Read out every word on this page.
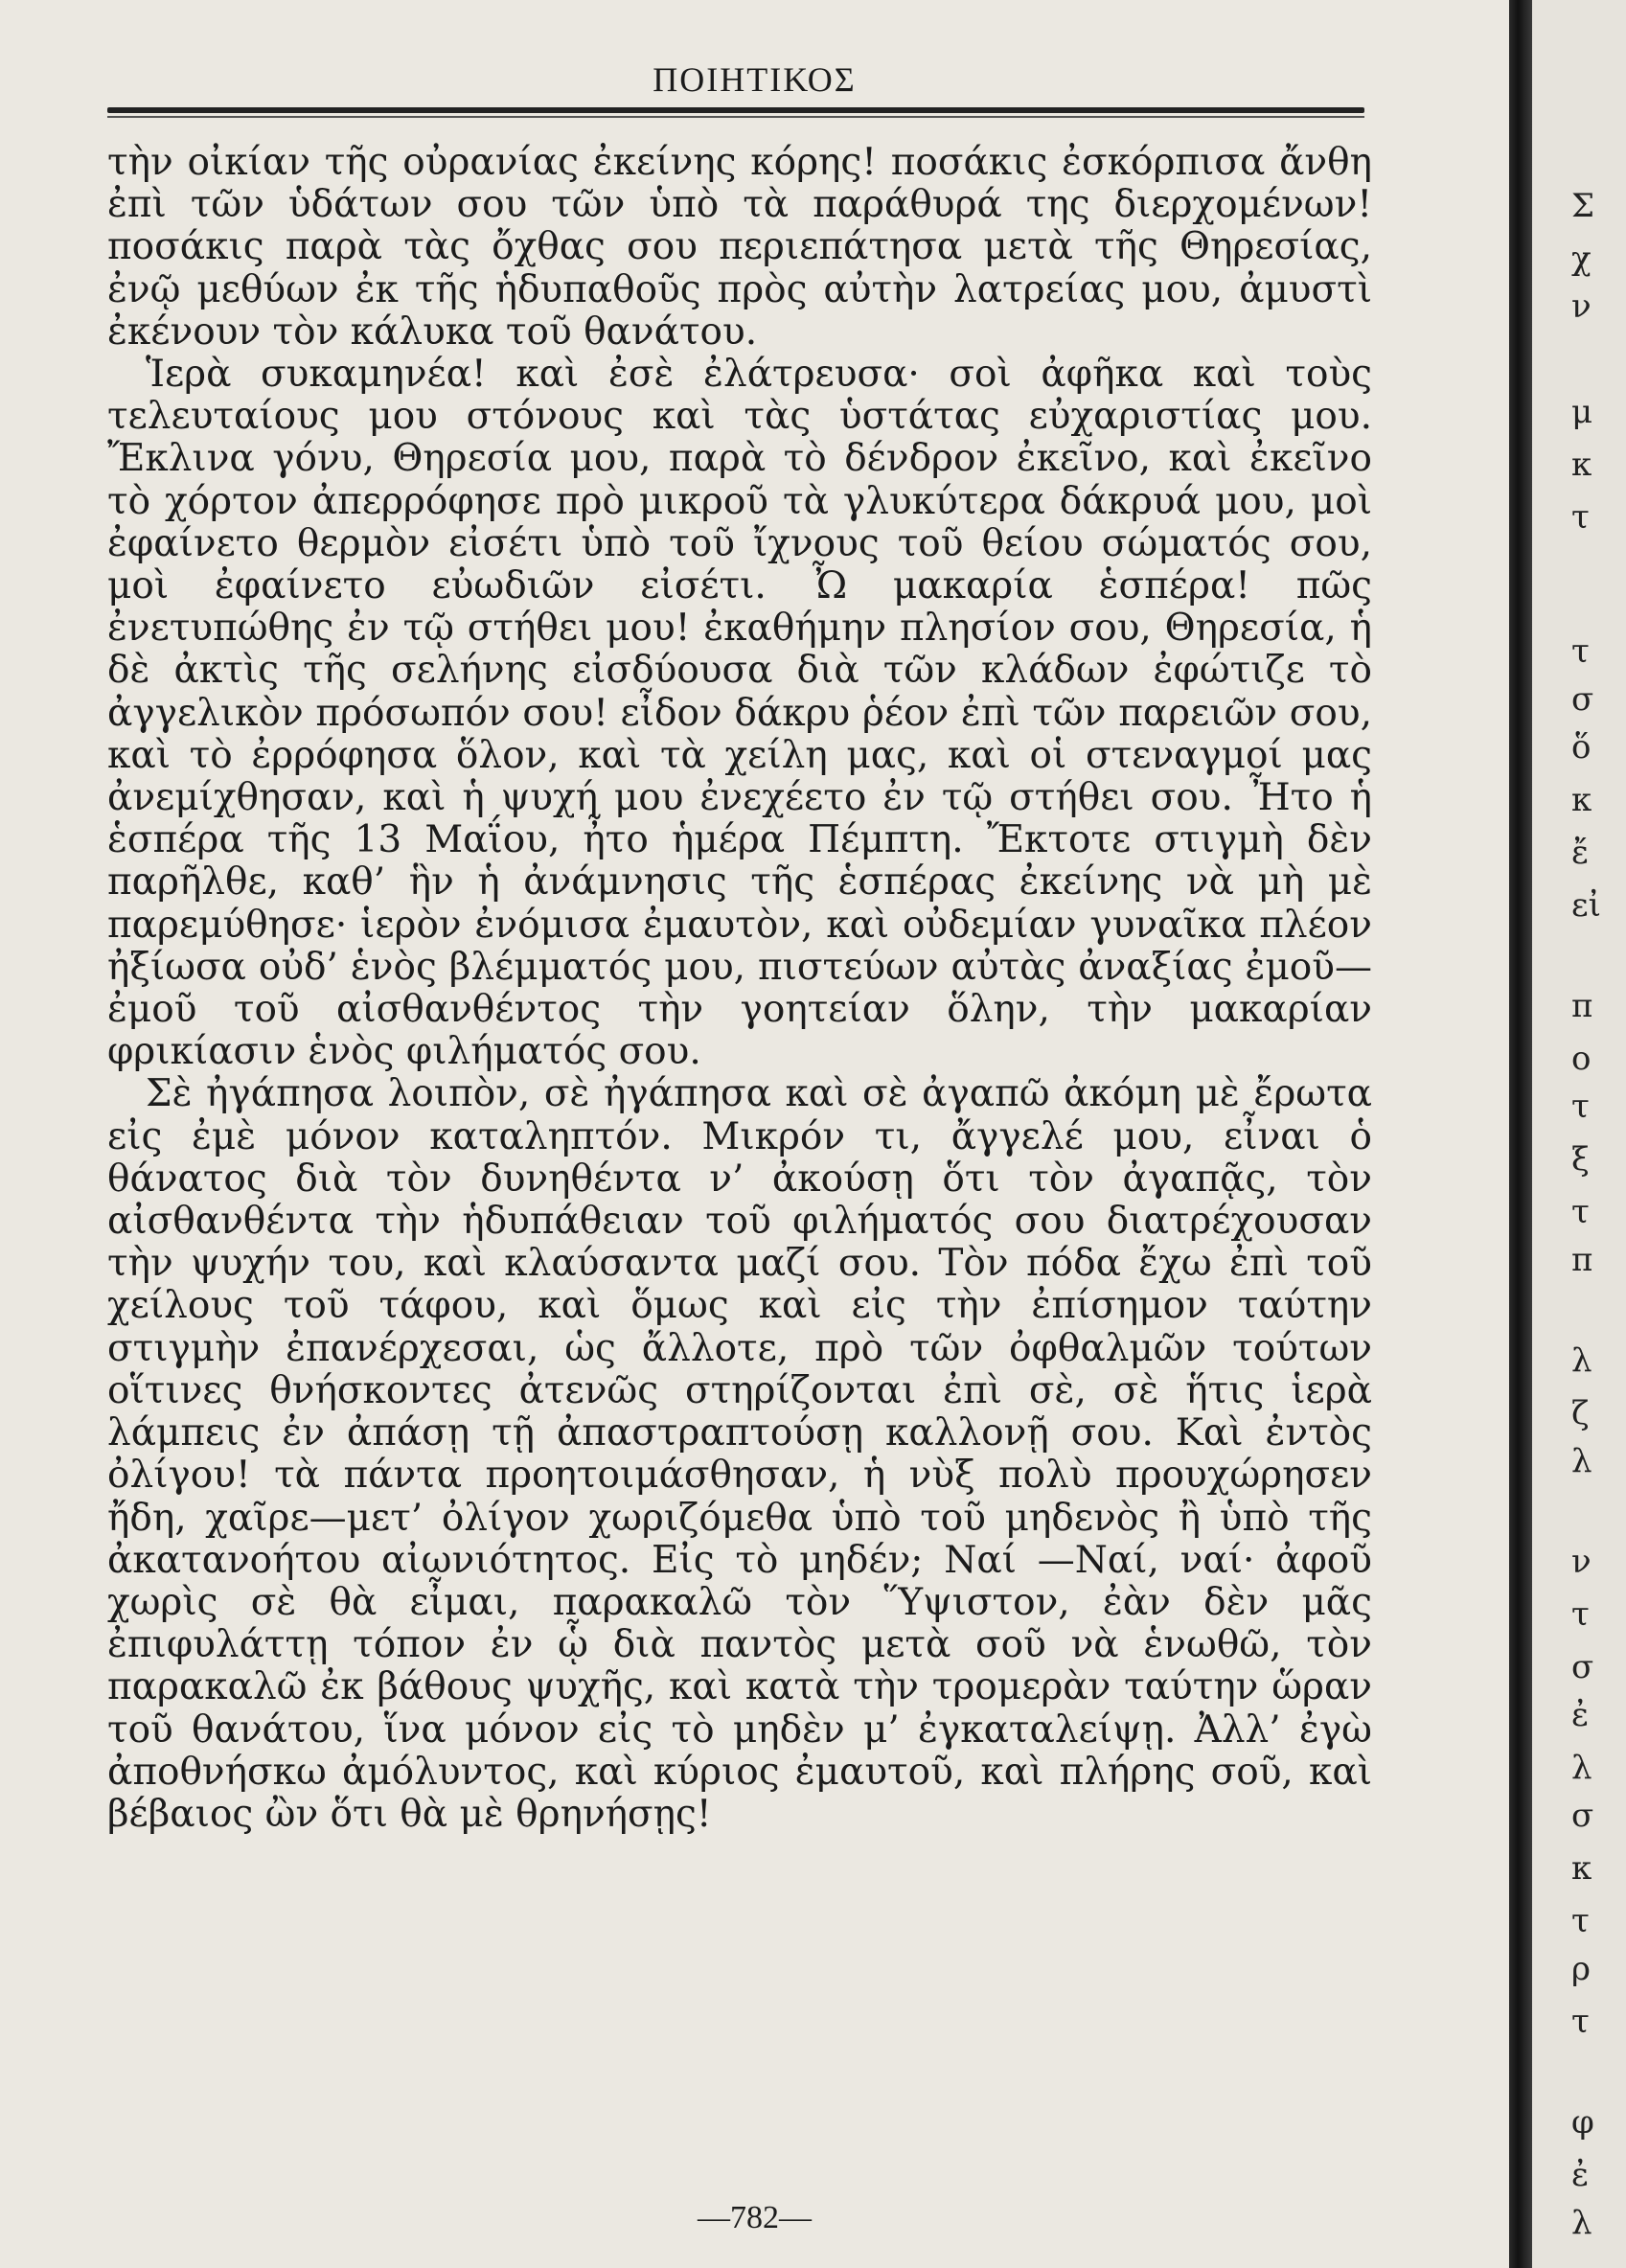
ΠΟΙΗΤΙΚΟΣ

τὴν οἰκίαν τῆς οὐρανίας ἐκείνης κόρης! ποσάκις ἐσκόρπισα ἄνθη ἐπὶ τῶν ὑδάτων σου τῶν ὑπὸ τὰ παράθυρά της διερχομένων! ποσάκις παρὰ τὰς ὄχθας σου περιεπάτησα μετὰ τῆς Θηρεσίας, ἐνῷ μεθύων ἐκ τῆς ἡδυπαθοῦς πρὸς αὐτὴν λατρείας μου, ἀμυστὶ ἐκένουν τὸν κάλυκα τοῦ θανάτου.

Ἱερὰ συκαμηνέα! καὶ ἐσὲ ἐλάτρευσα· σοὶ ἀφῆκα καὶ τοὺς τελευταίους μου στόνους καὶ τὰς ὑστάτας εὐχαριστίας μου. Ἔκλινα γόνυ, Θηρεσία μου, παρὰ τὸ δένδρον ἐκεῖνο, καὶ ἐκεῖνο τὸ χόρτον ἀπερρόφησε πρὸ μικροῦ τὰ γλυκύτερα δάκρυά μου, μοὶ ἐφαίνετο θερμὸν εἰσέτι ὑπὸ τοῦ ἴχνους τοῦ θείου σώματός σου, μοὶ ἐφαίνετο εὐωδιῶν εἰσέτι. Ὦ μακαρία ἑσπέρα! πῶς ἐνετυπώθης ἐν τῷ στήθει μου! ἐκαθήμην πλησίον σου, Θηρεσία, ἡ δὲ ἀκτὶς τῆς σελήνης εἰσδύουσα διὰ τῶν κλάδων ἐφώτιζε τὸ ἀγγελικὸν πρόσωπόν σου! εἶδον δάκρυ ῥέον ἐπὶ τῶν παρειῶν σου, καὶ τὸ ἐρρόφησα ὅλον, καὶ τὰ χείλη μας, καὶ οἱ στεναγμοί μας ἀνεμίχθησαν, καὶ ἡ ψυχή μου ἐνεχέετο ἐν τῷ στήθει σου. Ἦτο ἡ ἑσπέρα τῆς 13 Μαΐου, ἦτο ἡμέρα Πέμπτη. Ἔκτοτε στιγμὴ δὲν παρῆλθε, καθ’ ἣν ἡ ἀνάμνησις τῆς ἑσπέρας ἐκείνης νὰ μὴ μὲ παρεμύθησε· ἱερὸν ἐνόμισα ἐμαυτὸν, καὶ οὐδεμίαν γυναῖκα πλέον ἠξίωσα οὐδ’ ἑνὸς βλέμματός μου, πιστεύων αὐτὰς ἀναξίας ἐμοῦ—ἐμοῦ τοῦ αἰσθανθέντος τὴν γοητείαν ὅλην, τὴν μακαρίαν φρικίασιν ἑνὸς φιλήματός σου.

Σὲ ἠγάπησα λοιπὸν, σὲ ἠγάπησα καὶ σὲ ἀγαπῶ ἀκόμη μὲ ἔρωτα εἰς ἐμὲ μόνον καταληπτόν. Μικρόν τι, ἄγγελέ μου, εἶναι ὁ θάνατος διὰ τὸν δυνηθέντα ν’ ἀκούσῃ ὅτι τὸν ἀγαπᾷς, τὸν αἰσθανθέντα τὴν ἡδυπάθειαν τοῦ φιλήματός σου διατρέχουσαν τὴν ψυχήν του, καὶ κλαύσαντα μαζί σου. Τὸν πόδα ἔχω ἐπὶ τοῦ χείλους τοῦ τάφου, καὶ ὅμως καὶ εἰς τὴν ἐπίσημον ταύτην στιγμὴν ἐπανέρχεσαι, ὡς ἄλλοτε, πρὸ τῶν ὀφθαλμῶν τούτων οἵτινες θνήσκοντες ἀτενῶς στηρίζονται ἐπὶ σὲ, σὲ ἥτις ἱερὰ λάμπεις ἐν ἀπάσῃ τῇ ἀπαστραπτούσῃ καλλονῇ σου. Καὶ ἐντὸς ὀλίγου! τὰ πάντα προητοιμάσθησαν, ἡ νὺξ πολὺ προυχώρησεν ἤδη, χαῖρε—μετ’ ὀλίγον χωριζόμεθα ὑπὸ τοῦ μηδενὸς ἢ ὑπὸ τῆς ἀκατανοήτου αἰωνιότητος. Εἰς τὸ μηδέν; Ναί —Ναί, ναί· ἀφοῦ χωρὶς σὲ θὰ εἶμαι, παρακαλῶ τὸν Ὕψιστον, ἐὰν δὲν μᾶς ἐπιφυλάττῃ τόπον ἐν ᾧ διὰ παντὸς μετὰ σοῦ νὰ ἑνωθῶ, τὸν παρακαλῶ ἐκ βάθους ψυχῆς, καὶ κατὰ τὴν τρομερὰν ταύτην ὥραν τοῦ θανάτου, ἵνα μόνον εἰς τὸ μηδὲν μ’ ἐγκαταλείψῃ. Ἀλλ’ ἐγὼ ἀποθνήσκω ἀμόλυντος, καὶ κύριος ἐμαυτοῦ, καὶ πλήρης σοῦ, καὶ βέβαιος ὢν ὅτι θὰ μὲ θρηνήσῃς!

—782—
Σ
χ
ν
μ
κ
τ
τ
σ
ὅ
κ
ἔ
εἰ
π
ο
τ
ξ
τ
π
λ
ζ
λ
ν
τ
σ
ἐ
λ
σ
κ
τ
ρ
τ
φ
ἐ
λ
